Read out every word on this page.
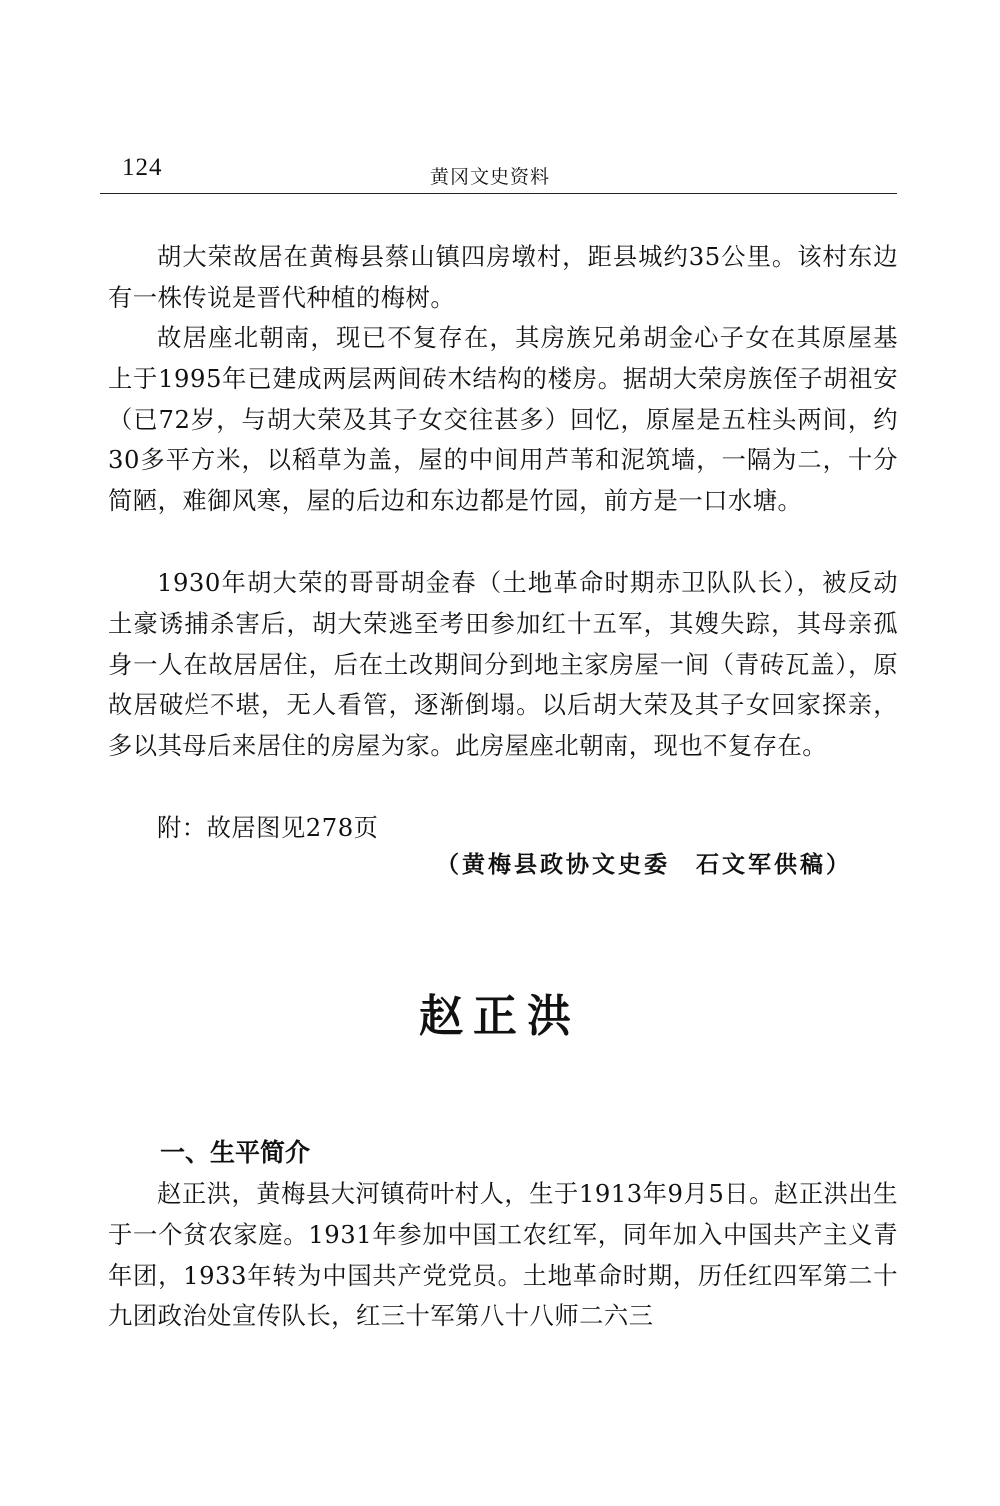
124	黄冈文史资料

胡大荣故居在黄梅县蔡山镇四房墩村，距县城约35公里。该村东边有一株传说是晋代种植的梅树。

故居座北朝南，现已不复存在，其房族兄弟胡金心子女在其原屋基上于1995年已建成两层两间砖木结构的楼房。据胡大荣房族侄子胡祖安（已72岁，与胡大荣及其子女交往甚多）回忆，原屋是五柱头两间，约30多平方米，以稻草为盖，屋的中间用芦苇和泥筑墙，一隔为二，十分简陋，难御风寒，屋的后边和东边都是竹园，前方是一口水塘。

1930年胡大荣的哥哥胡金春（土地革命时期赤卫队队长），被反动土豪诱捕杀害后，胡大荣逃至考田参加红十五军，其嫂失踪，其母亲孤身一人在故居居住，后在土改期间分到地主家房屋一间（青砖瓦盖），原故居破烂不堪，无人看管，逐渐倒塌。以后胡大荣及其子女回家探亲，多以其母后来居住的房屋为家。此房屋座北朝南，现也不复存在。

附：故居图见278页

（黄梅县政协文史委　石文军供稿）
赵正洪
一、生平简介

赵正洪，黄梅县大河镇荷叶村人，生于1913年9月5日。赵正洪出生于一个贫农家庭。1931年参加中国工农红军，同年加入中国共产主义青年团，1933年转为中国共产党党员。土地革命时期，历任红四军第二十九团政治处宣传队长，红三十军第八十八师二六三
